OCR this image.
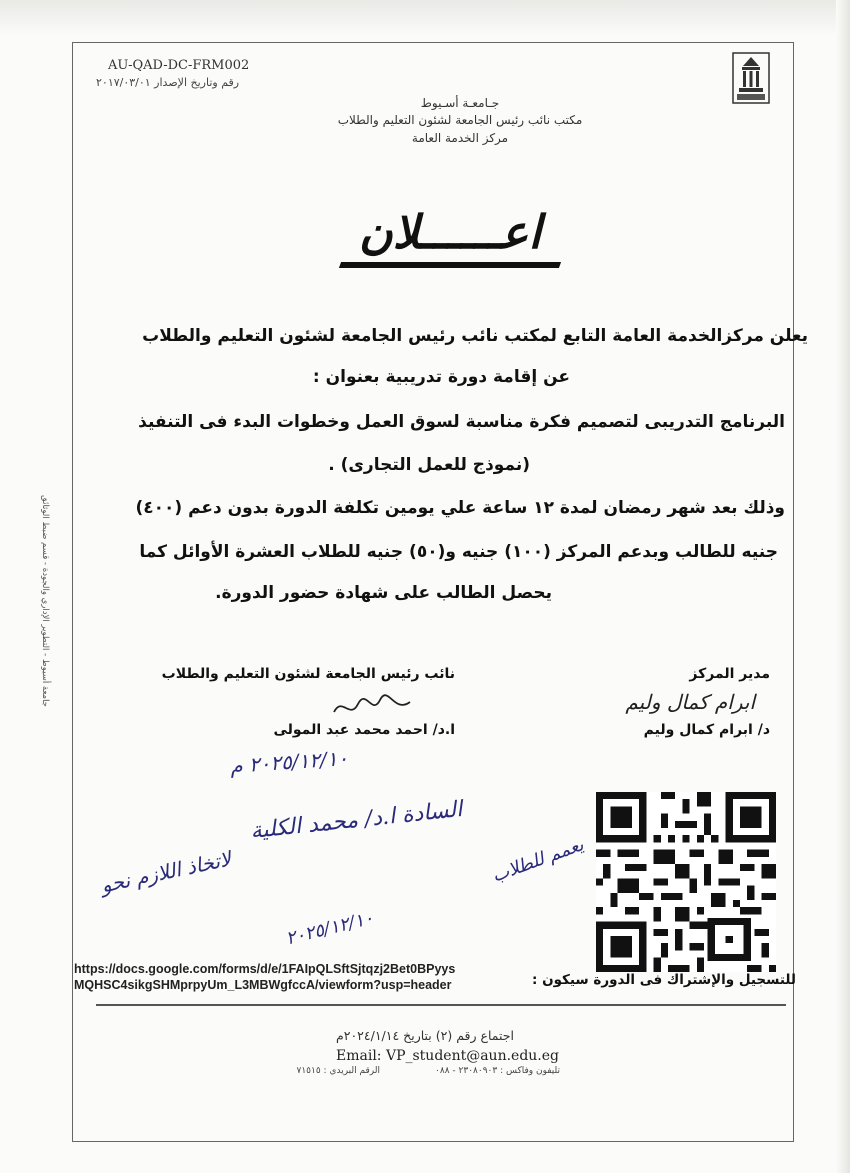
AU-QAD-DC-FRM002
رقم وتاريخ الإصدار ٢٠١٧/٠٣/٠١
جـامعـة أسـيوط
مكتب نائب رئيس الجامعة لشئون التعليم والطلاب
مركز الخدمة العامة
اعــــــلان
يعلن مركزالخدمة العامة التابع لمكتب نائب رئيس الجامعة لشئون التعليم والطلاب
عن إقامة دورة تدريبية بعنوان :
البرنامج التدريبى لتصميم فكرة مناسبة لسوق العمل وخطوات البدء فى التنفيذ
(نموذج للعمل التجارى) .
وذلك بعد شهر رمضان لمدة ١٢ ساعة علي يومين تكلفة الدورة بدون دعم (٤٠٠)
جنيه للطالب وبدعم المركز (١٠٠) جنيه و(٥٠) جنيه للطلاب العشرة الأوائل كما
يحصل الطالب على شهادة حضور الدورة.
نائب رئيس الجامعة لشئون التعليم والطلاب	مدير المركز
ابرام كمال وليم
ا.د/ احمد محمد عبد المولى	د/ ابرام كمال وليم
٢٠٢٥/١٢/١٠ م
السادة ا.د/ محمد الكلية
لاتخاذ اللازم نحو	يعمم للطلاب
٢٠٢٥/١٢/١٠
https://docs.google.com/forms/d/e/1FAIpQLSftSjtqzj2Bet0BPyys
MQHSC4sikgSHMprpyUm_L3MBWgfccA/viewform?usp=header	للتسجيل والإشتراك فى الدورة سيكون :
اجتماع رقم (٢) بتاريخ ٢٠٢٤/١/١٤م
Email: VP_student@aun.edu.eg
تليفون وفاكس : ٢٣٠٨٠٩٠٣ - ٠٨٨
الرقم البريدي : ٧١٥١٥
جامعة أسيوط - التطوير الإداري والجودة - قسم ضبط الوثائق
